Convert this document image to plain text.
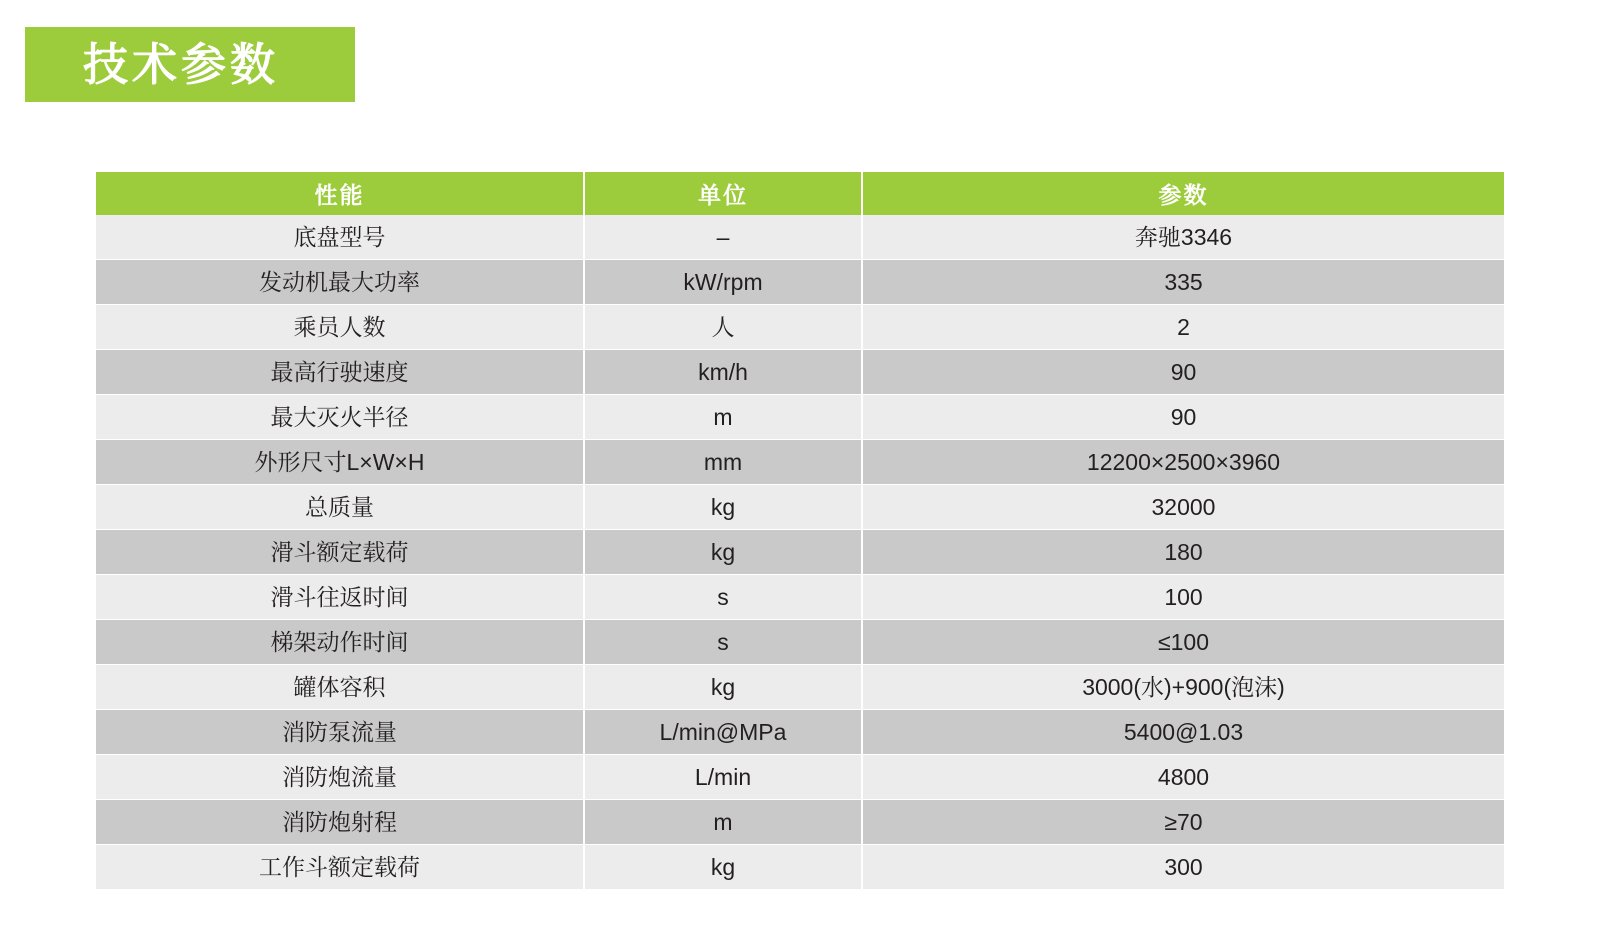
技术参数
性能	单位	参数
底盘型号	–	奔驰3346
发动机最大功率	kW/rpm	335
乘员人数	人	2
最高行驶速度	km/h	90
最大灭火半径	m	90
外形尺寸L×W×H	mm	12200×2500×3960
总质量	kg	32000
滑斗额定载荷	kg	180
滑斗往返时间	s	100
梯架动作时间	s	≤100
罐体容积	kg	3000(水)+900(泡沫)
消防泵流量	L/min@MPa	5400@1.03
消防炮流量	L/min	4800
消防炮射程	m	≥70
工作斗额定载荷	kg	300
